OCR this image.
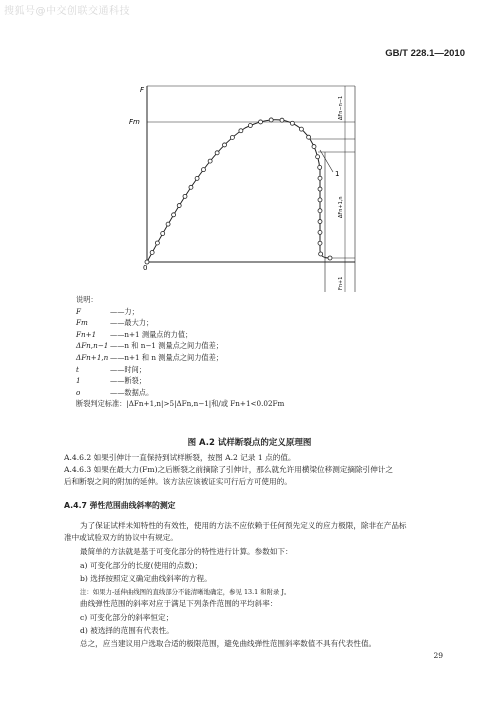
搜狐号@中交创联交通科技
GB/T 228.1—2010
1
F
Fm
0
ΔFn−n−1
ΔFn+1,n
Fn+1
说明：
F	——力；
Fm	——最大力；
Fn+1 ——n+1 测量点的力值；
ΔFn,n−1 ——n 和 n−1 测量点之间力值差；
ΔFn+1,n ——n+1 和 n 测量点之间力值差；
t	——时间；
1	——断裂；
o	——数据点。
断裂判定标准：|ΔFn+1,n|>5|ΔFn,n−1|和/或 Fn+1<0.02Fm
图 A.2 试样断裂点的定义原理图
A.4.6.2 如果引伸计一直保持到试样断裂，按图 A.2 记录 1 点的值。
A.4.6.3 如果在最大力(Fm)之后断裂之前摘除了引伸计，那么就允许用横梁位移测定摘除引伸计之
后和断裂之间的附加的延伸。该方法应该被证实可行后方可使用的。
A.4.7 弹性范围曲线斜率的测定
为了保证试样未知特性的有效性，使用的方法不应依赖于任何预先定义的应力极限，除非在产品标
准中或试验双方的协议中有规定。
最简单的方法就是基于可变化部分的特性进行计算。参数如下：
a) 可变化部分的长度(使用的点数)；
b) 选择按照定义确定曲线斜率的方程。
注：如果力-延伸曲线图的直线部分不能清晰地确定，参见 13.1 和附录 J。
曲线弹性范围的斜率对应于满足下列条件范围的平均斜率：
c) 可变化部分的斜率恒定；
d) 被选择的范围有代表性。
总之，应当建议用户选取合适的极限范围，避免曲线弹性范围斜率数值不具有代表性值。
29
